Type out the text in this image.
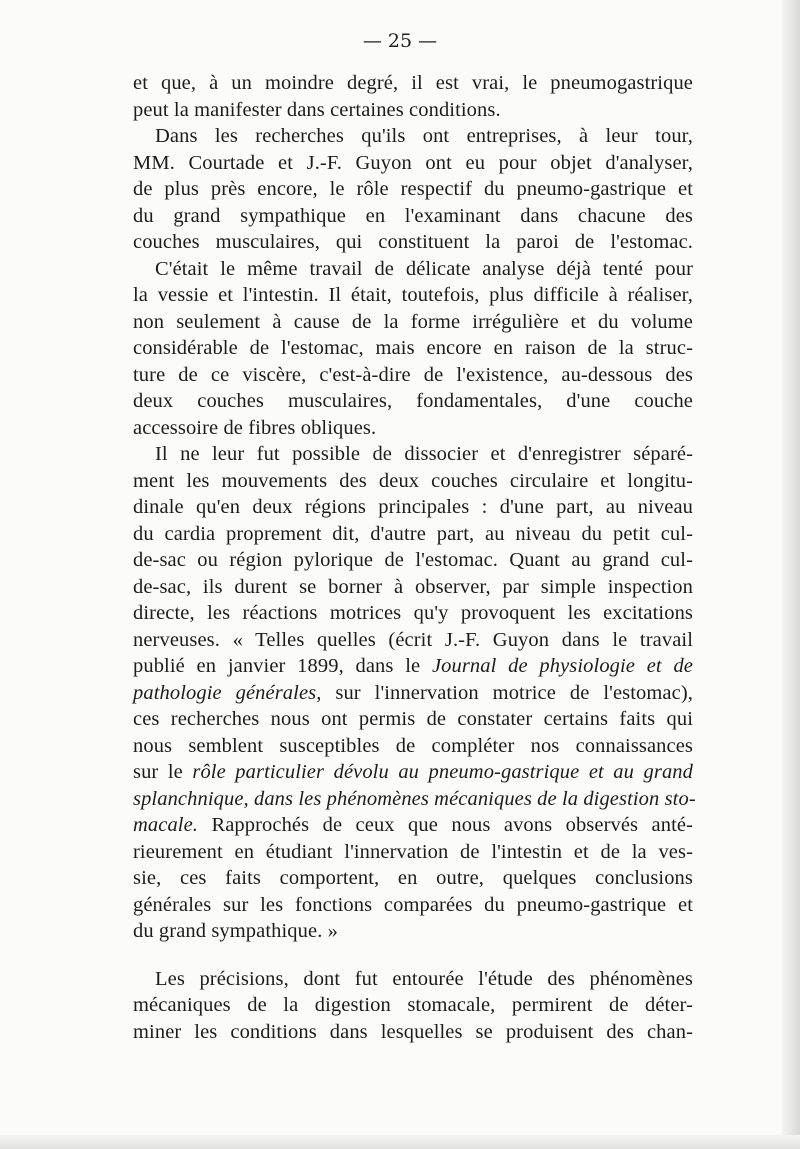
— 25 —
et que, à un moindre degré, il est vrai, le pneumogastrique
peut la manifester dans certaines conditions.
Dans les recherches qu'ils ont entreprises, à leur tour,
MM. Courtade et J.-F. Guyon ont eu pour objet d'analyser,
de plus près encore, le rôle respectif du pneumo-gastrique et
du grand sympathique en l'examinant dans chacune des
couches musculaires, qui constituent la paroi de l'estomac.
C'était le même travail de délicate analyse déjà tenté pour
la vessie et l'intestin. Il était, toutefois, plus difficile à réaliser,
non seulement à cause de la forme irrégulière et du volume
considérable de l'estomac, mais encore en raison de la struc-
ture de ce viscère, c'est-à-dire de l'existence, au-dessous des
deux couches musculaires, fondamentales, d'une couche
accessoire de fibres obliques.
Il ne leur fut possible de dissocier et d'enregistrer séparé-
ment les mouvements des deux couches circulaire et longitu-
dinale qu'en deux régions principales : d'une part, au niveau
du cardia proprement dit, d'autre part, au niveau du petit cul-
de-sac ou région pylorique de l'estomac. Quant au grand cul-
de-sac, ils durent se borner à observer, par simple inspection
directe, les réactions motrices qu'y provoquent les excitations
nerveuses. « Telles quelles (écrit J.-F. Guyon dans le travail
publié en janvier 1899, dans le Journal de physiologie et de
pathologie générales, sur l'innervation motrice de l'estomac),
ces recherches nous ont permis de constater certains faits qui
nous semblent susceptibles de compléter nos connaissances
sur le rôle particulier dévolu au pneumo-gastrique et au grand
splanchnique, dans les phénomènes mécaniques de la digestion sto-
macale. Rapprochés de ceux que nous avons observés anté-
rieurement en étudiant l'innervation de l'intestin et de la ves-
sie, ces faits comportent, en outre, quelques conclusions
générales sur les fonctions comparées du pneumo-gastrique et
du grand sympathique. »
Les précisions, dont fut entourée l'étude des phénomènes
mécaniques de la digestion stomacale, permirent de déter-
miner les conditions dans lesquelles se produisent des chan-
